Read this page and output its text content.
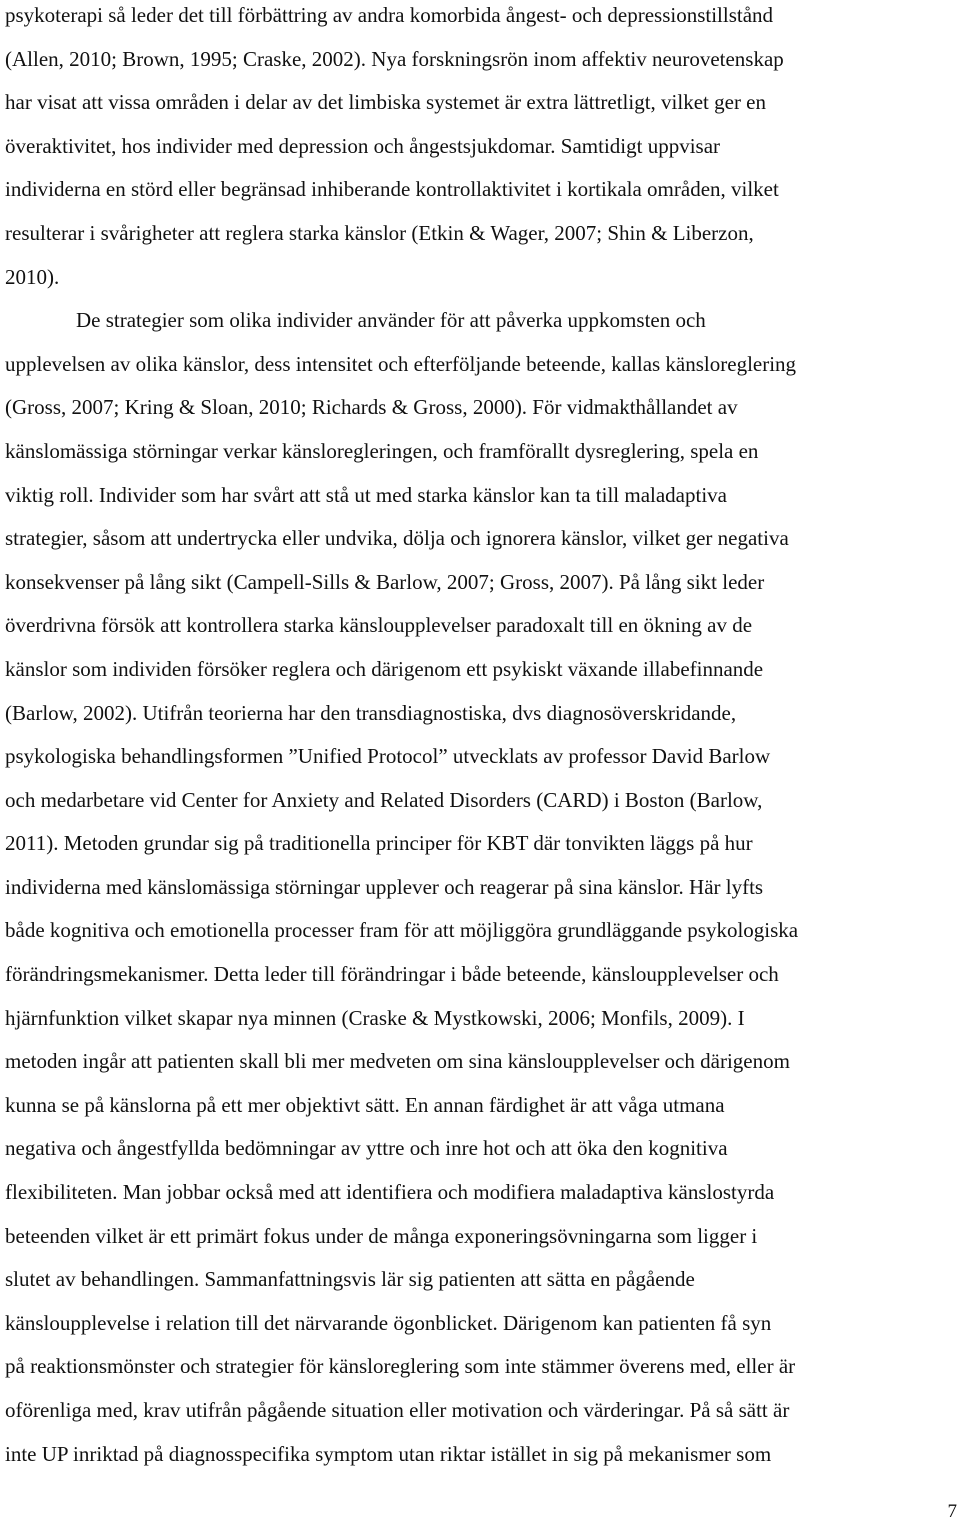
psykoterapi så leder det till förbättring av andra komorbida ångest- och depressionstillstånd
(Allen, 2010; Brown, 1995; Craske, 2002). Nya forskningsrön inom affektiv neurovetenskap
har visat att vissa områden i delar av det limbiska systemet är extra lättretligt, vilket ger en
överaktivitet, hos individer med depression och ångestsjukdomar. Samtidigt uppvisar
individerna en störd eller begränsad inhiberande kontrollaktivitet i kortikala områden, vilket
resulterar i svårigheter att reglera starka känslor (Etkin & Wager, 2007; Shin & Liberzon,
2010).
De strategier som olika individer använder för att påverka uppkomsten och
upplevelsen av olika känslor, dess intensitet och efterföljande beteende, kallas känsloreglering
(Gross, 2007; Kring & Sloan, 2010; Richards & Gross, 2000). För vidmakthållandet av
känslomässiga störningar verkar känsloregleringen, och framförallt dysreglering, spela en
viktig roll. Individer som har svårt att stå ut med starka känslor kan ta till maladaptiva
strategier, såsom att undertrycka eller undvika, dölja och ignorera känslor, vilket ger negativa
konsekvenser på lång sikt (Campell-Sills & Barlow, 2007; Gross, 2007). På lång sikt leder
överdrivna försök att kontrollera starka känsloupplevelser paradoxalt till en ökning av de
känslor som individen försöker reglera och därigenom ett psykiskt växande illabefinnande
(Barlow, 2002). Utifrån teorierna har den transdiagnostiska, dvs diagnosöverskridande,
psykologiska behandlingsformen ”Unified Protocol” utvecklats av professor David Barlow
och medarbetare vid Center for Anxiety and Related Disorders (CARD) i Boston (Barlow,
2011). Metoden grundar sig på traditionella principer för KBT där tonvikten läggs på hur
individerna med känslomässiga störningar upplever och reagerar på sina känslor. Här lyfts
både kognitiva och emotionella processer fram för att möjliggöra grundläggande psykologiska
förändringsmekanismer. Detta leder till förändringar i både beteende, känsloupplevelser och
hjärnfunktion vilket skapar nya minnen (Craske & Mystkowski, 2006; Monfils, 2009). I
metoden ingår att patienten skall bli mer medveten om sina känsloupplevelser och därigenom
kunna se på känslorna på ett mer objektivt sätt. En annan färdighet är att våga utmana
negativa och ångestfyllda bedömningar av yttre och inre hot och att öka den kognitiva
flexibiliteten. Man jobbar också med att identifiera och modifiera maladaptiva känslostyrda
beteenden vilket är ett primärt fokus under de många exponeringsövningarna som ligger i
slutet av behandlingen. Sammanfattningsvis lär sig patienten att sätta en pågående
känsloupplevelse i relation till det närvarande ögonblicket. Därigenom kan patienten få syn
på reaktionsmönster och strategier för känsloreglering som inte stämmer överens med, eller är
oförenliga med, krav utifrån pågående situation eller motivation och värderingar. På så sätt är
inte UP inriktad på diagnosspecifika symptom utan riktar istället in sig på mekanismer som
7
